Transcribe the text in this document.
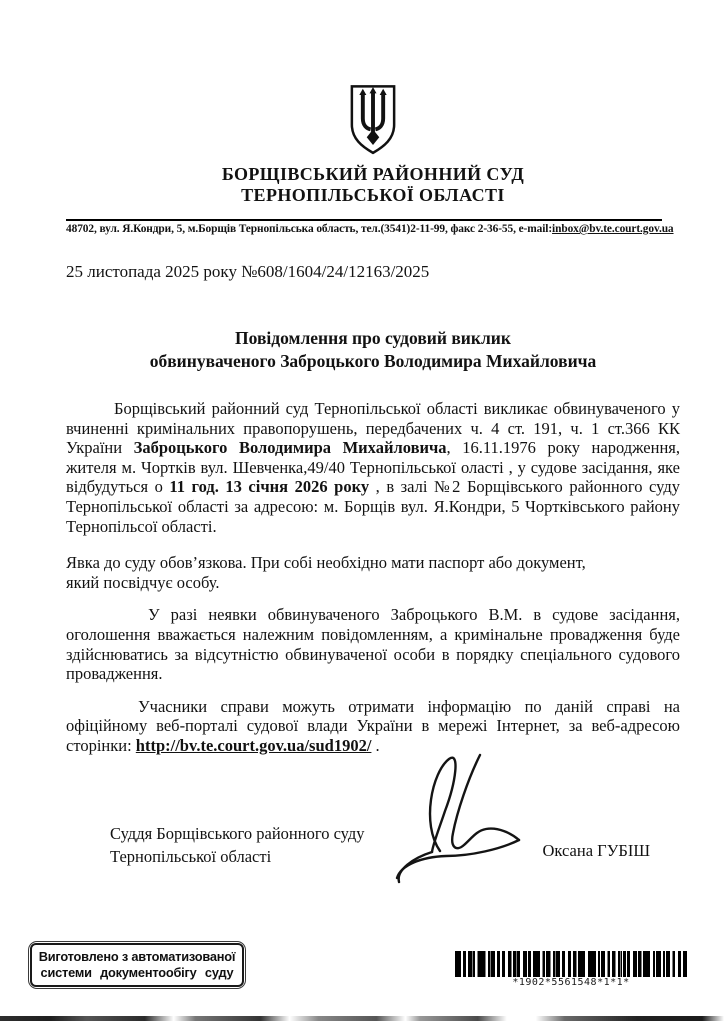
БОРЩІВСЬКИЙ РАЙОННИЙ СУД
ТЕРНОПІЛЬСЬКОЇ ОБЛАСТІ
48702, вул. Я.Кондри, 5, м.Борщів Тернопільська область, тел.(3541)2-11-99, факс 2-36-55, e-mail:inbox@bv.te.court.gov.ua
25 листопада 2025 року №608/1604/24/12163/2025
Повідомлення про судовий виклик
обвинуваченого Заброцького Володимира Михайловича

Борщівський районний суд Тернопільської області викликає обвинуваченого у вчиненні кримінальних правопорушень, передбачених ч. 4 ст. 191, ч. 1 ст.366 КК України Заброцького Володимира Михайловича, 16.11.1976 року народження, жителя м. Чортків вул. Шевченка,49/40 Тернопільської оласті , у судове засідання, яке відбудуться о 11 год. 13 січня 2026 року , в залі №2 Борщівського районного суду Тернопільської області за адресою: м. Борщів вул. Я.Кондри, 5 Чортківського району Тернопільсої області.

Явка до суду обов’язкова. При собі необхідно мати паспорт або документ, який посвідчує особу.

У разі неявки обвинуваченого Заброцького В.М. в судове засідання, оголошення вважається належним повідомленням, а кримінальне провадження буде здійснюватись за відсутністю обвинуваченої особи в порядку спеціального судового провадження.

Учасники справи можуть отримати інформацію по даній справі на офіційному веб-порталі судової влади України в мережі Інтернет, за веб-адресою сторінки: http://bv.te.court.gov.ua/sud1902/ .

Суддя Борщівського районного суду
Тернопільської області	Оксана ГУБІШ
Виготовлено з автоматизованої
системи документообігу суду
*1902*5561548*1*1*
